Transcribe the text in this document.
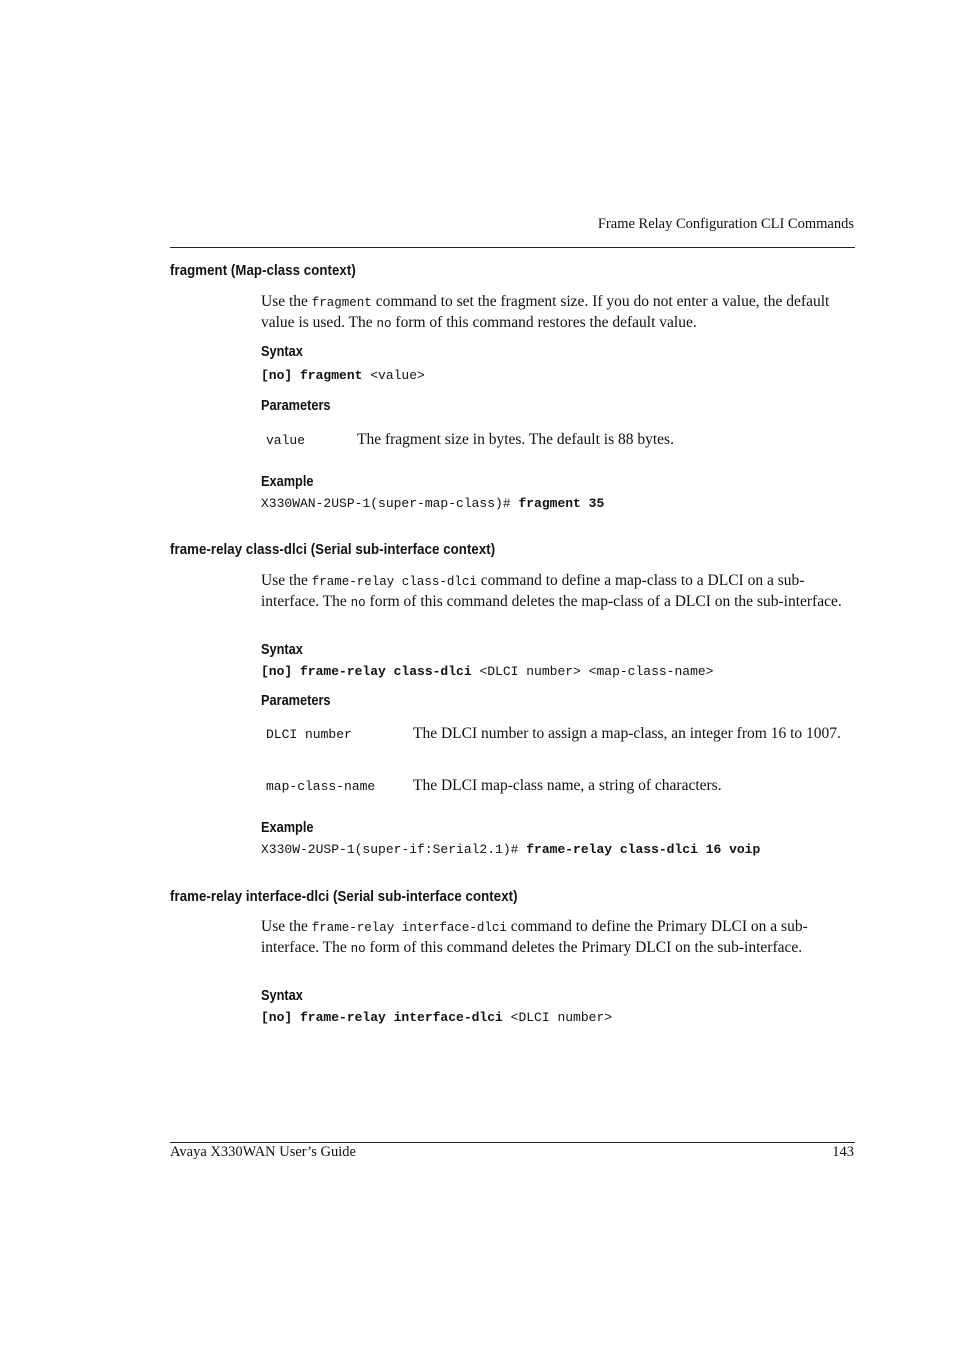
Frame Relay Configuration CLI Commands
fragment (Map-class context)
Use the fragment command to set the fragment size. If you do not enter a value, the default value is used. The no form of this command restores the default value.
Syntax
[no] fragment <value>
Parameters
value	The fragment size in bytes. The default is 88 bytes.
Example
X330WAN-2USP-1(super-map-class)# fragment 35
frame-relay class-dlci (Serial sub-interface context)
Use the frame-relay class-dlci command to define a map-class to a DLCI on a sub-interface. The no form of this command deletes the map-class of a DLCI on the sub-interface.
Syntax
[no] frame-relay class-dlci <DLCI number> <map-class-name>
Parameters
DLCI number	The DLCI number to assign a map-class, an integer from 16 to 1007.
map-class-name The DLCI map-class name, a string of characters.
Example
X330W-2USP-1(super-if:Serial2.1)# frame-relay class-dlci 16 voip
frame-relay interface-dlci (Serial sub-interface context)
Use the frame-relay interface-dlci command to define the Primary DLCI on a sub-interface. The no form of this command deletes the Primary DLCI on the sub-interface.
Syntax
[no] frame-relay interface-dlci <DLCI number>
Avaya X330WAN User’s Guide	143
